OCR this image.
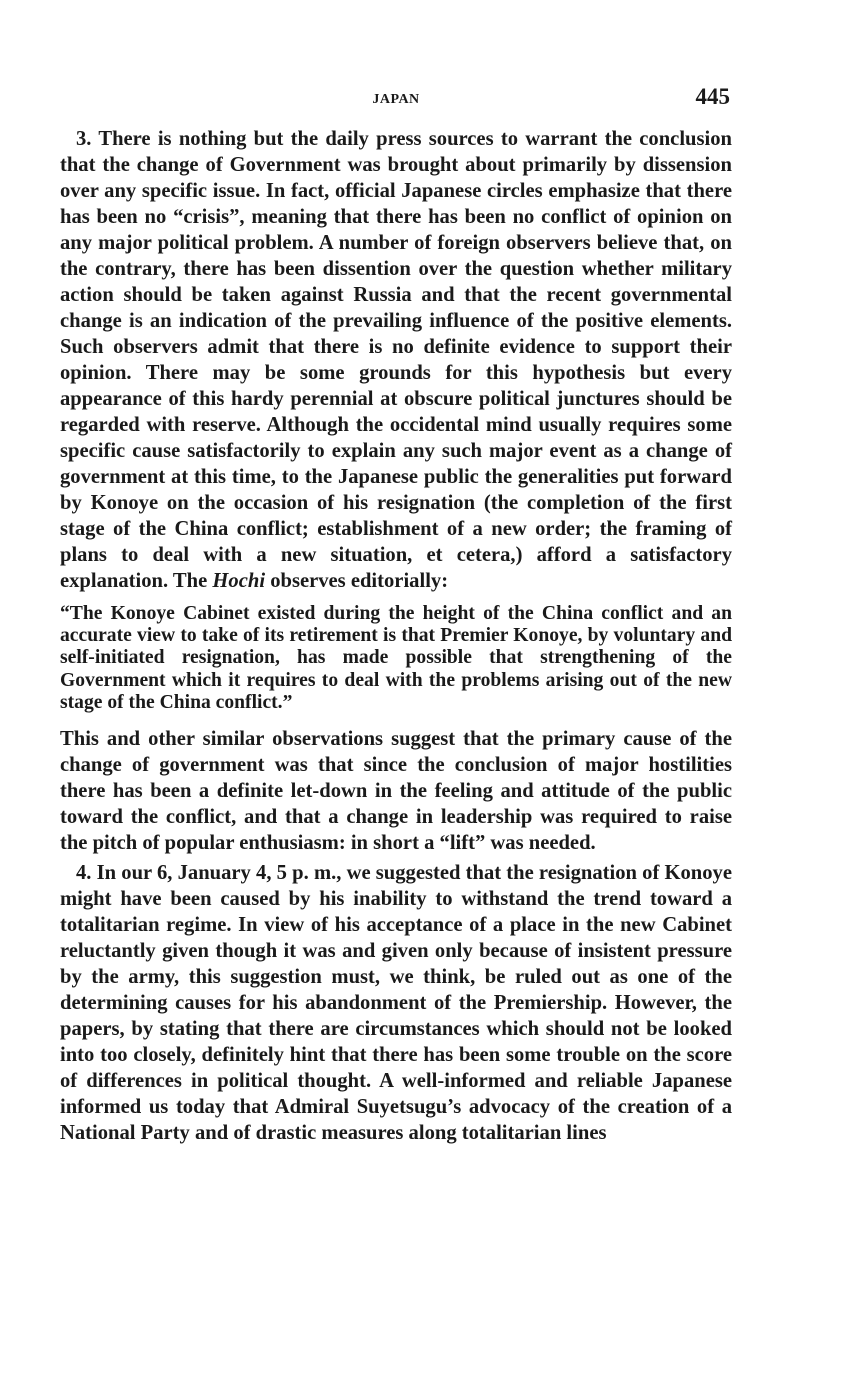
JAPAN	445

3. There is nothing but the daily press sources to warrant the conclusion that the change of Government was brought about primarily by dissension over any specific issue. In fact, official Japanese circles emphasize that there has been no “crisis”, meaning that there has been no conflict of opinion on any major political problem. A number of foreign observers believe that, on the contrary, there has been dissention over the question whether military action should be taken against Russia and that the recent governmental change is an indication of the prevailing influence of the positive elements. Such observers admit that there is no definite evidence to support their opinion. There may be some grounds for this hypothesis but every appearance of this hardy perennial at obscure political junctures should be regarded with reserve. Although the occidental mind usually requires some specific cause satisfactorily to explain any such major event as a change of government at this time, to the Japanese public the generalities put forward by Konoye on the occasion of his resignation (the completion of the first stage of the China conflict; establishment of a new order; the framing of plans to deal with a new situation, et cetera,) afford a satisfactory explanation. The Hochi observes editorially:

“The Konoye Cabinet existed during the height of the China conflict and an accurate view to take of its retirement is that Premier Konoye, by voluntary and self-initiated resignation, has made possible that strengthening of the Government which it requires to deal with the problems arising out of the new stage of the China conflict.”

This and other similar observations suggest that the primary cause of the change of government was that since the conclusion of major hostilities there has been a definite let-down in the feeling and attitude of the public toward the conflict, and that a change in leadership was required to raise the pitch of popular enthusiasm: in short a “lift” was needed.

4. In our 6, January 4, 5 p. m., we suggested that the resignation of Konoye might have been caused by his inability to withstand the trend toward a totalitarian regime. In view of his acceptance of a place in the new Cabinet reluctantly given though it was and given only because of insistent pressure by the army, this suggestion must, we think, be ruled out as one of the determining causes for his abandonment of the Premiership. However, the papers, by stating that there are circumstances which should not be looked into too closely, definitely hint that there has been some trouble on the score of differences in political thought. A well-informed and reliable Japanese informed us today that Admiral Suyetsugu’s advocacy of the creation of a National Party and of drastic measures along totalitarian lines
